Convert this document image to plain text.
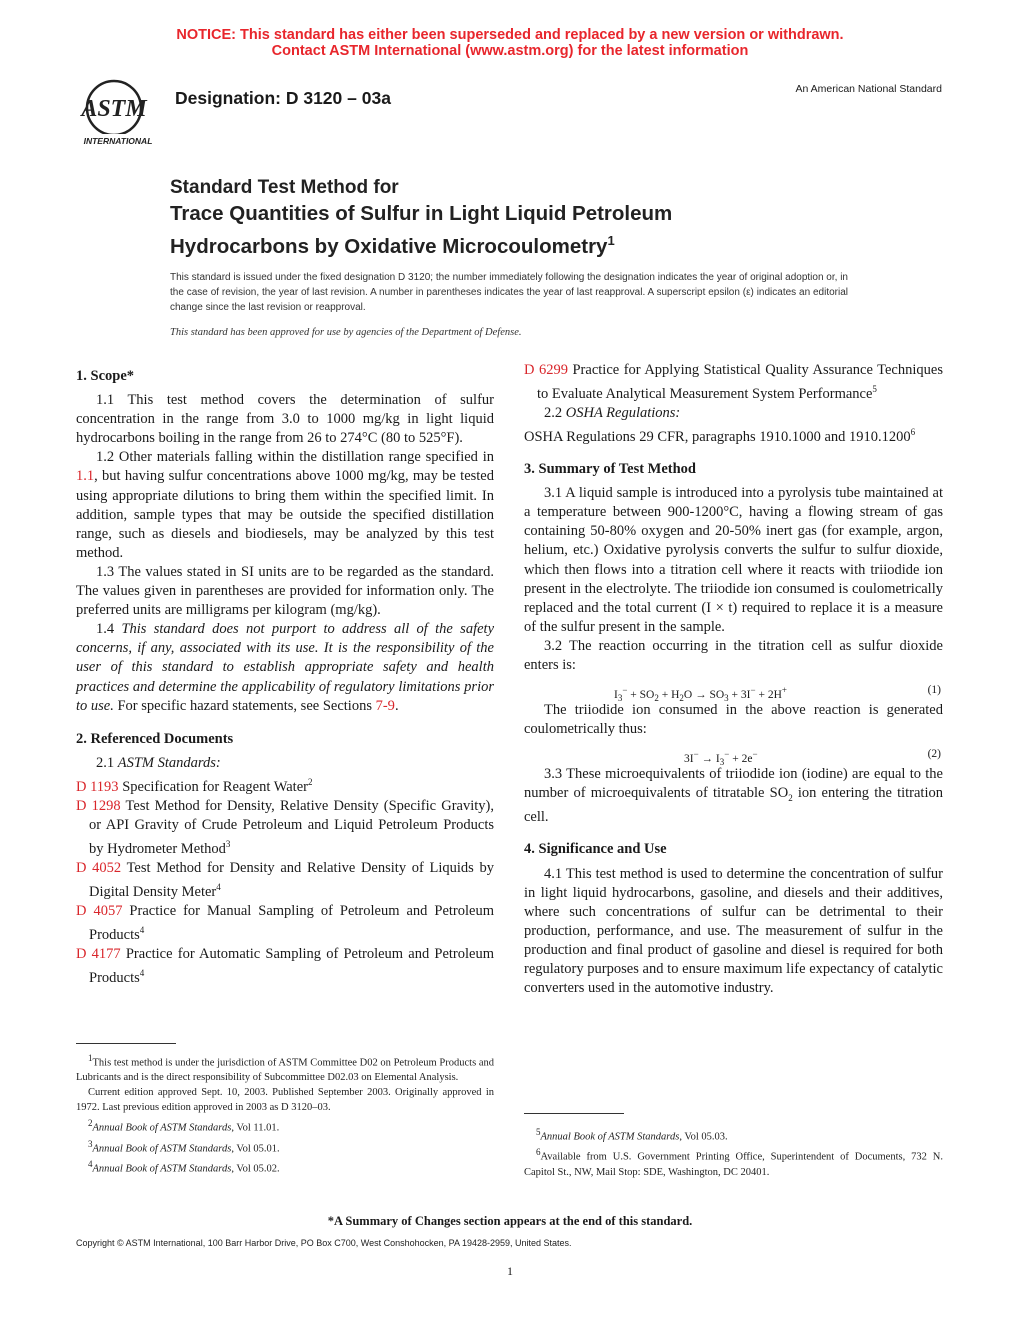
NOTICE: This standard has either been superseded and replaced by a new version or withdrawn.
Contact ASTM International (www.astm.org) for the latest information
ASTM
INTERNATIONAL
Designation: D 3120 – 03a	An American National Standard
Standard Test Method for
Trace Quantities of Sulfur in Light Liquid Petroleum
Hydrocarbons by Oxidative Microcoulometry$^1$
This standard is issued under the fixed designation D 3120; the number immediately following the designation indicates the year of original adoption or, in the case of revision, the year of last revision. A number in parentheses indicates the year of last reapproval. A superscript epsilon (ε) indicates an editorial change since the last revision or reapproval.
This standard has been approved for use by agencies of the Department of Defense.

1. Scope*

1.1 This test method covers the determination of sulfur concentration in the range from 3.0 to 1000 mg/kg in light liquid hydrocarbons boiling in the range from 26 to 274°C (80 to 525°F).

1.2 Other materials falling within the distillation range specified in 1.1, but having sulfur concentrations above 1000 mg/kg, may be tested using appropriate dilutions to bring them within the specified limit. In addition, sample types that may be outside the specified distillation range, such as diesels and biodiesels, may be analyzed by this test method.

1.3 The values stated in SI units are to be regarded as the standard. The values given in parentheses are provided for information only. The preferred units are milligrams per kilogram (mg/kg).

1.4 This standard does not purport to address all of the safety concerns, if any, associated with its use. It is the responsibility of the user of this standard to establish appropriate safety and health practices and determine the applicability of regulatory limitations prior to use. For specific hazard statements, see Sections 7-9.

2. Referenced Documents

2.1 ASTM Standards:

D 1193 Specification for Reagent Water$^2$

D 1298 Test Method for Density, Relative Density (Specific Gravity), or API Gravity of Crude Petroleum and Liquid Petroleum Products by Hydrometer Method$^3$

D 4052 Test Method for Density and Relative Density of Liquids by Digital Density Meter$^4$

D 4057 Practice for Manual Sampling of Petroleum and Petroleum Products$^4$

D 4177 Practice for Automatic Sampling of Petroleum and Petroleum Products$^4$

D 6299 Practice for Applying Statistical Quality Assurance Techniques to Evaluate Analytical Measurement System Performance$^5$

2.2 OSHA Regulations:

OSHA Regulations 29 CFR, paragraphs 1910.1000 and 1910.1200$^6$

3. Summary of Test Method

3.1 A liquid sample is introduced into a pyrolysis tube maintained at a temperature between 900-1200°C, having a flowing stream of gas containing 50-80% oxygen and 20-50% inert gas (for example, argon, helium, etc.) Oxidative pyrolysis converts the sulfur to sulfur dioxide, which then flows into a titration cell where it reacts with triiodide ion present in the electrolyte. The triiodide ion consumed is coulometrically replaced and the total current (I × t) required to replace it is a measure of the sulfur present in the sample.

3.2 The reaction occurring in the titration cell as sulfur dioxide enters is:

$I_3^- + SO_2 + H_2O \to SO_3 + 3I^- + 2H^+$	(1)

The triiodide ion consumed in the above reaction is generated coulometrically thus:

$3I^- \to I_3^- + 2e^-$	(2)

3.3 These microequivalents of triiodide ion (iodine) are equal to the number of microequivalents of titratable $SO_2$ ion entering the titration cell.

4. Significance and Use

4.1 This test method is used to determine the concentration of sulfur in light liquid hydrocarbons, gasoline, and diesels and their additives, where such concentrations of sulfur can be detrimental to their production, performance, and use. The measurement of sulfur in the production and final product of gasoline and diesel is required for both regulatory purposes and to ensure maximum life expectancy of catalytic converters used in the automotive industry.

$^1$This test method is under the jurisdiction of ASTM Committee D02 on Petroleum Products and Lubricants and is the direct responsibility of Subcommittee D02.03 on Elemental Analysis.

Current edition approved Sept. 10, 2003. Published September 2003. Originally approved in 1972. Last previous edition approved in 2003 as D 3120–03.

$^2$Annual Book of ASTM Standards, Vol 11.01.

$^3$Annual Book of ASTM Standards, Vol 05.01.

$^4$Annual Book of ASTM Standards, Vol 05.02.

$^5$Annual Book of ASTM Standards, Vol 05.03.

$^6$Available from U.S. Government Printing Office, Superintendent of Documents, 732 N. Capitol St., NW, Mail Stop: SDE, Washington, DC 20401.

*A Summary of Changes section appears at the end of this standard.
Copyright © ASTM International, 100 Barr Harbor Drive, PO Box C700, West Conshohocken, PA 19428-2959, United States.
1
